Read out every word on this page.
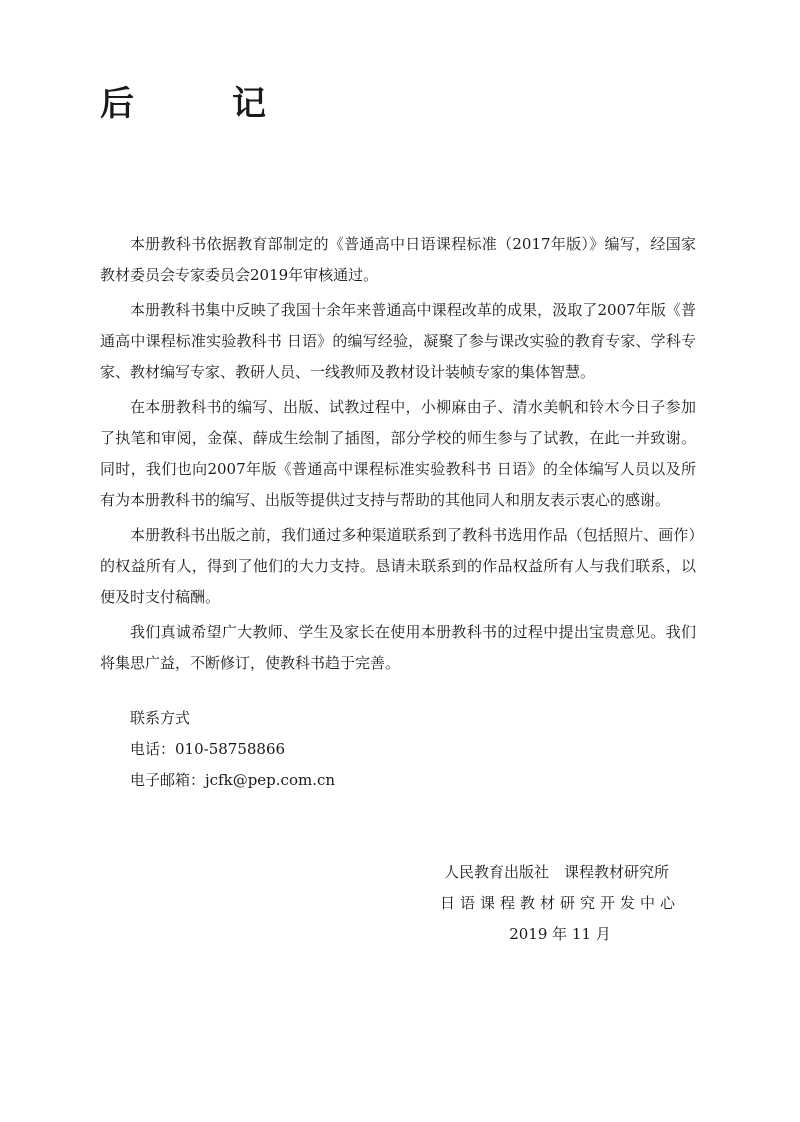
后　记

本册教科书依据教育部制定的《普通高中日语课程标准（2017年版）》编写，经国家教材委员会专家委员会2019年审核通过。

本册教科书集中反映了我国十余年来普通高中课程改革的成果，汲取了2007年版《普通高中课程标准实验教科书 日语》的编写经验，凝聚了参与课改实验的教育专家、学科专家、教材编写专家、教研人员、一线教师及教材设计装帧专家的集体智慧。

在本册教科书的编写、出版、试教过程中，小柳麻由子、清水美帆和铃木今日子参加了执笔和审阅，金葆、薛成生绘制了插图，部分学校的师生参与了试教，在此一并致谢。同时，我们也向2007年版《普通高中课程标准实验教科书 日语》的全体编写人员以及所有为本册教科书的编写、出版等提供过支持与帮助的其他同人和朋友表示衷心的感谢。

本册教科书出版之前，我们通过多种渠道联系到了教科书选用作品（包括照片、画作）的权益所有人，得到了他们的大力支持。恳请未联系到的作品权益所有人与我们联系，以便及时支付稿酬。

我们真诚希望广大教师、学生及家长在使用本册教科书的过程中提出宝贵意见。我们将集思广益，不断修订，使教科书趋于完善。

联系方式
电话：010-58758866
电子邮箱：jcfk@pep.com.cn
人民教育出版社　课程教材研究所
日语课程教材研究开发中心
2019 年 11 月
